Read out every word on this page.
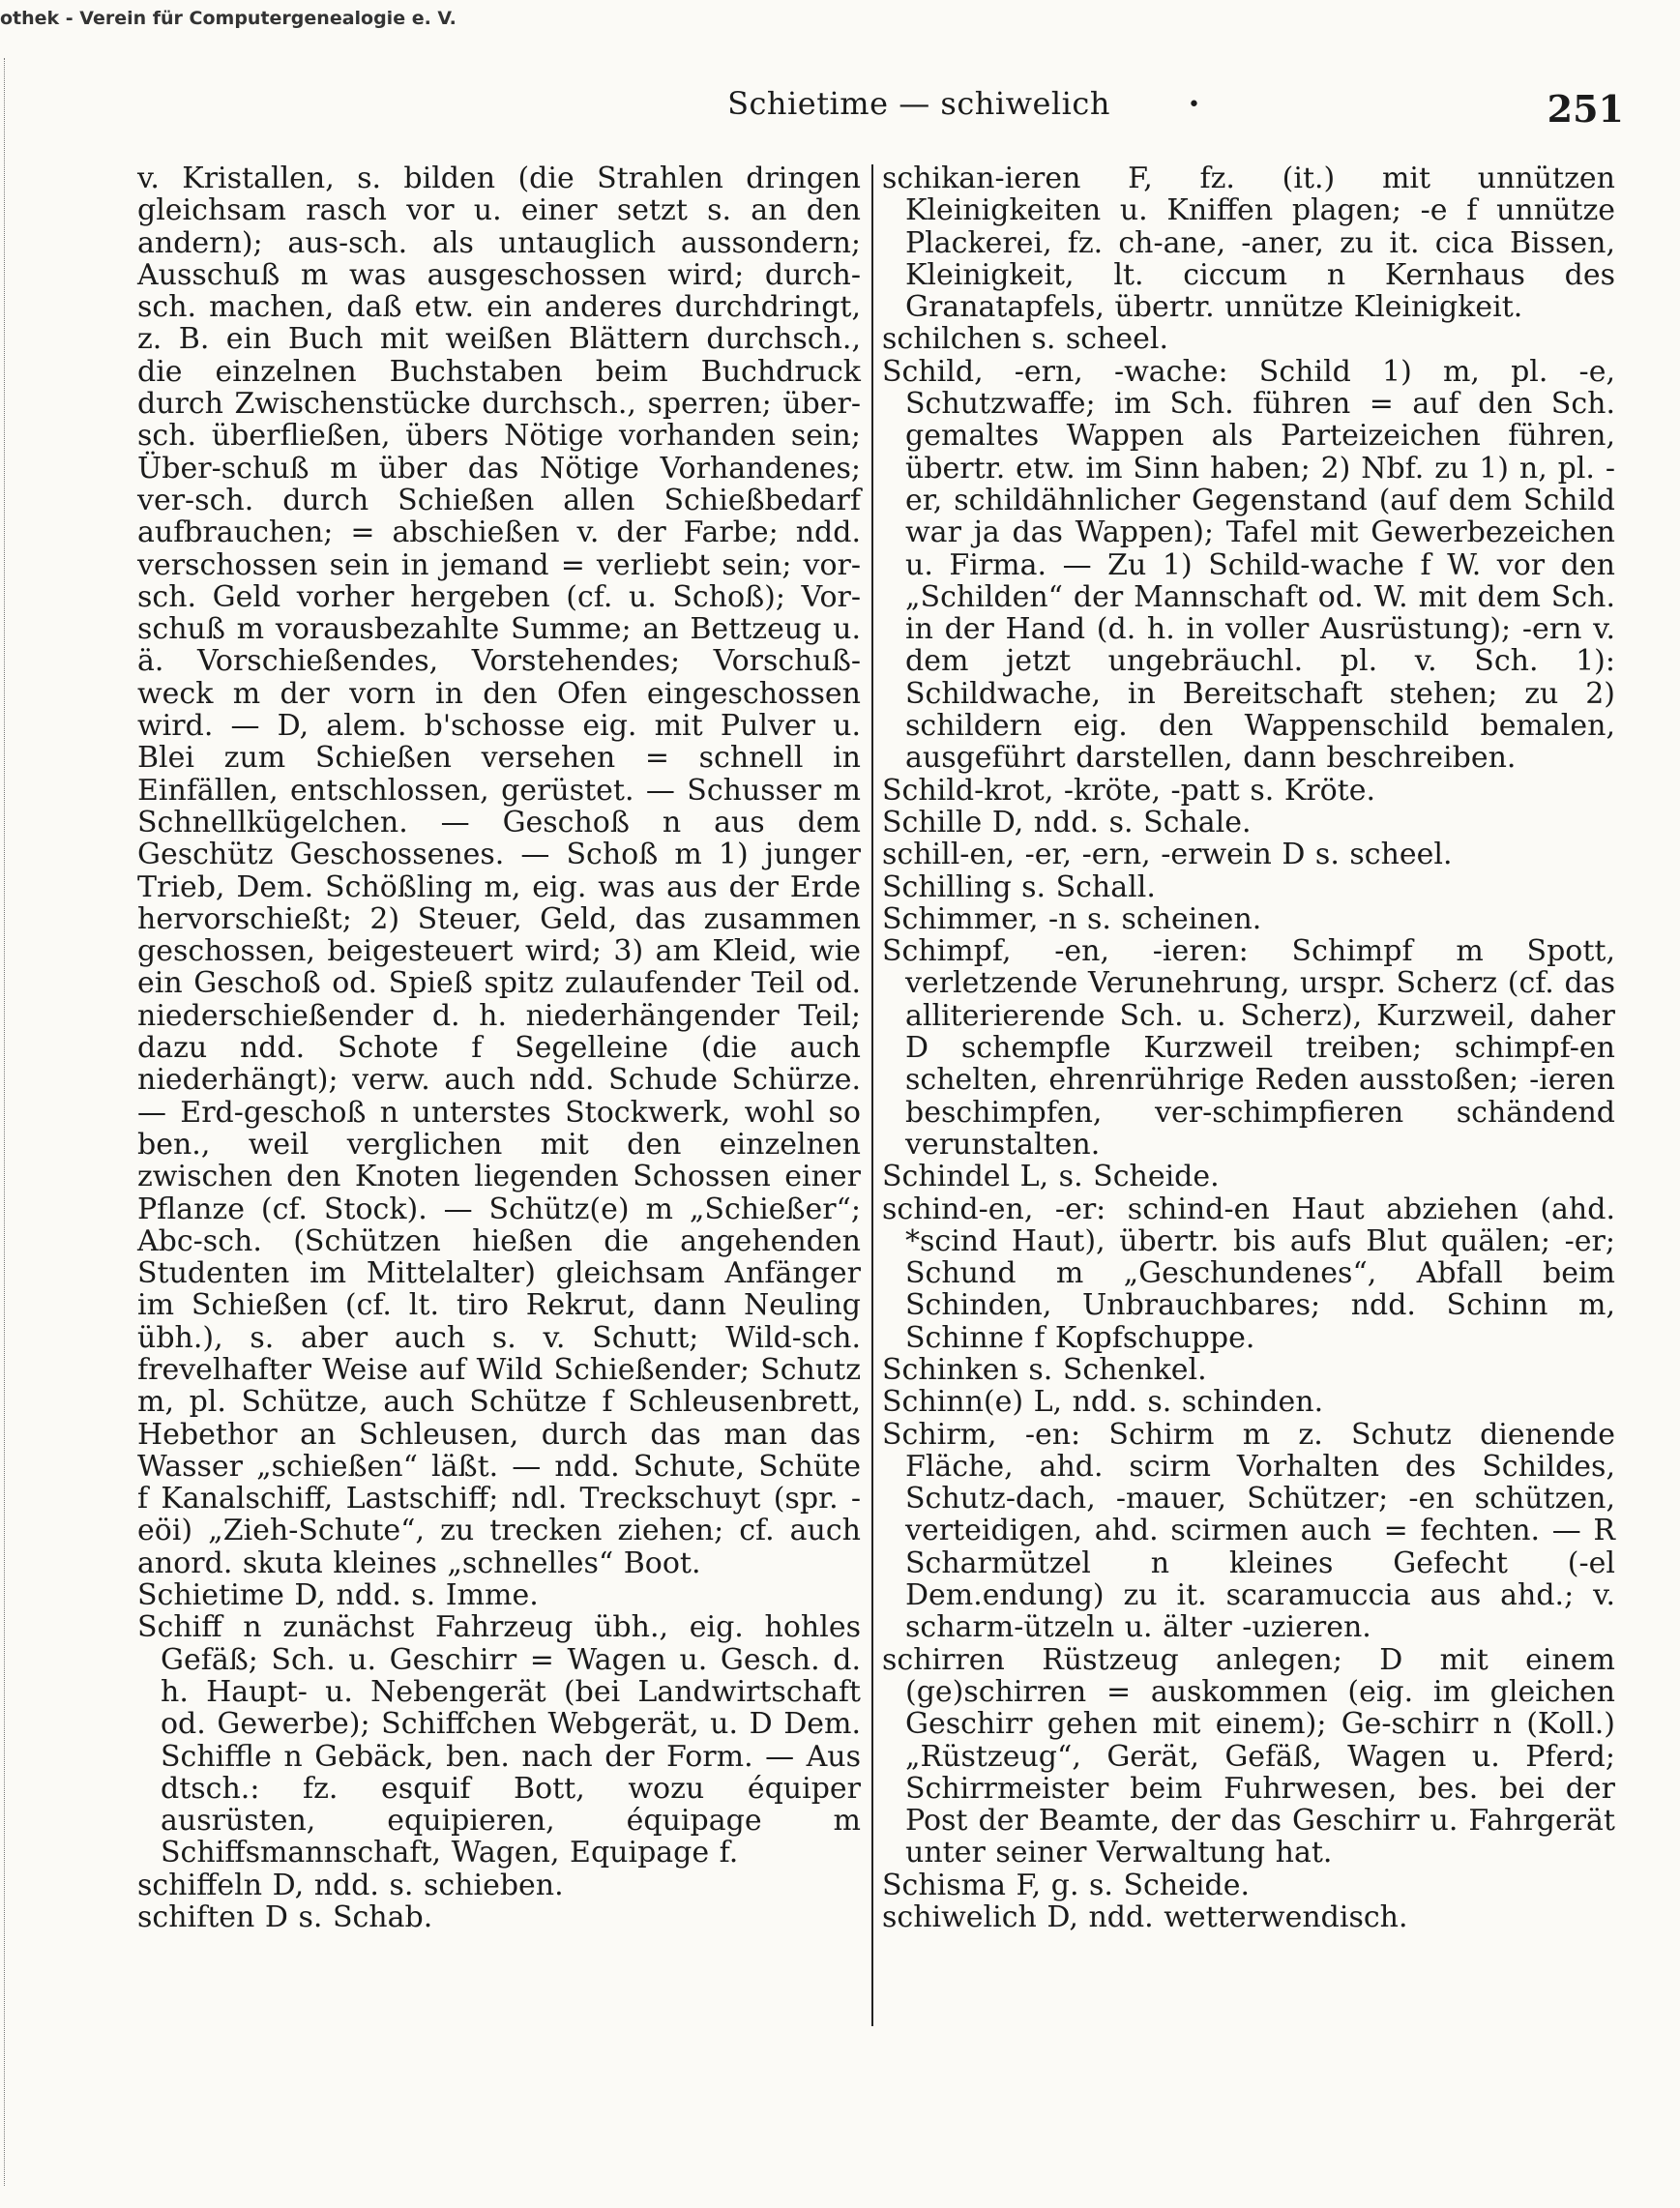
othek - Verein für Computergenealogie e. V.
Schietime — schiwelich	•	251

v. Kristallen, s. bilden (die Strahlen dringen gleichsam rasch vor u. einer setzt s. an den andern); aus-sch. als untauglich aussondern; Ausschuß m was ausgeschossen wird; durch-sch. machen, daß etw. ein anderes durchdringt, z. B. ein Buch mit weißen Blättern durchsch., die einzelnen Buchstaben beim Buchdruck durch Zwischenstücke durchsch., sperren; über-sch. überfließen, übers Nötige vorhanden sein; Über-schuß m über das Nötige Vorhandenes; ver-sch. durch Schießen allen Schießbedarf aufbrauchen; = abschießen v. der Farbe; ndd. verschossen sein in jemand = verliebt sein; vor-sch. Geld vorher hergeben (cf. u. Schoß); Vor-schuß m vorausbezahlte Summe; an Bettzeug u. ä. Vorschießendes, Vorstehendes; Vorschuß-weck m der vorn in den Ofen eingeschossen wird. — D, alem. b'schosse eig. mit Pulver u. Blei zum Schießen versehen = schnell in Einfällen, entschlossen, gerüstet. — Schusser m Schnellkügelchen. — Geschoß n aus dem Geschütz Geschossenes. — Schoß m 1) junger Trieb, Dem. Schößling m, eig. was aus der Erde hervorschießt; 2) Steuer, Geld, das zusammen geschossen, beigesteuert wird; 3) am Kleid, wie ein Geschoß od. Spieß spitz zulaufender Teil od. niederschießender d. h. niederhängender Teil; dazu ndd. Schote f Segelleine (die auch niederhängt); verw. auch ndd. Schude Schürze. — Erd-geschoß n unterstes Stockwerk, wohl so ben., weil verglichen mit den einzelnen zwischen den Knoten liegenden Schossen einer Pflanze (cf. Stock). — Schütz(e) m „Schießer“; Abc-sch. (Schützen hießen die angehenden Studenten im Mittelalter) gleichsam Anfänger im Schießen (cf. lt. tiro Rekrut, dann Neuling übh.), s. aber auch s. v. Schutt; Wild-sch. frevelhafter Weise auf Wild Schießender; Schutz m, pl. Schütze, auch Schütze f Schleusenbrett, Hebethor an Schleusen, durch das man das Wasser „schießen“ läßt. — ndd. Schute, Schüte f Kanalschiff, Lastschiff; ndl. Treckschuyt (spr. -eöi) „Zieh-Schute“, zu trecken ziehen; cf. auch anord. skuta kleines „schnelles“ Boot.

Schietime D, ndd. s. Imme.

Schiff n zunächst Fahrzeug übh., eig. hohles Gefäß; Sch. u. Geschirr = Wagen u. Gesch. d. h. Haupt- u. Nebengerät (bei Landwirtschaft od. Gewerbe); Schiffchen Webgerät, u. D Dem. Schiffle n Gebäck, ben. nach der Form. — Aus dtsch.: fz. esquif Bott, wozu équiper ausrüsten, equipieren, équipage m Schiffsmannschaft, Wagen, Equipage f.

schiffeln D, ndd. s. schieben.

schiften D s. Schab.

schikan-ieren F, fz. (it.) mit unnützen Kleinigkeiten u. Kniffen plagen; -e f unnütze Plackerei, fz. ch-ane, -aner, zu it. cica Bissen, Kleinigkeit, lt. ciccum n Kernhaus des Granatapfels, übertr. unnütze Kleinigkeit.

schilchen s. scheel.

Schild, -ern, -wache: Schild 1) m, pl. -e, Schutzwaffe; im Sch. führen = auf den Sch. gemaltes Wappen als Parteizeichen führen, übertr. etw. im Sinn haben; 2) Nbf. zu 1) n, pl. -er, schildähnlicher Gegenstand (auf dem Schild war ja das Wappen); Tafel mit Gewerbezeichen u. Firma. — Zu 1) Schild-wache f W. vor den „Schilden“ der Mannschaft od. W. mit dem Sch. in der Hand (d. h. in voller Ausrüstung); -ern v. dem jetzt ungebräuchl. pl. v. Sch. 1): Schildwache, in Bereitschaft stehen; zu 2) schildern eig. den Wappenschild bemalen, ausgeführt darstellen, dann beschreiben.

Schild-krot, -kröte, -patt s. Kröte.

Schille D, ndd. s. Schale.

schill-en, -er, -ern, -erwein D s. scheel.

Schilling s. Schall.

Schimmer, -n s. scheinen.

Schimpf, -en, -ieren: Schimpf m Spott, verletzende Verunehrung, urspr. Scherz (cf. das alliterierende Sch. u. Scherz), Kurzweil, daher D schempfle Kurzweil treiben; schimpf-en schelten, ehrenrührige Reden ausstoßen; -ieren beschimpfen, ver-schimpfieren schändend verunstalten.

Schindel L, s. Scheide.

schind-en, -er: schind-en Haut abziehen (ahd. *scind Haut), übertr. bis aufs Blut quälen; -er; Schund m „Geschundenes“, Abfall beim Schinden, Unbrauchbares; ndd. Schinn m, Schinne f Kopfschuppe.

Schinken s. Schenkel.

Schinn(e) L, ndd. s. schinden.

Schirm, -en: Schirm m z. Schutz dienende Fläche, ahd. scirm Vorhalten des Schildes, Schutz-dach, -mauer, Schützer; -en schützen, verteidigen, ahd. scirmen auch = fechten. — R Scharmützel n kleines Gefecht (-el Dem.endung) zu it. scaramuccia aus ahd.; v. scharm-ützeln u. älter -uzieren.

schirren Rüstzeug anlegen; D mit einem (ge)schirren = auskommen (eig. im gleichen Geschirr gehen mit einem); Ge-schirr n (Koll.) „Rüstzeug“, Gerät, Gefäß, Wagen u. Pferd; Schirrmeister beim Fuhrwesen, bes. bei der Post der Beamte, der das Geschirr u. Fahrgerät unter seiner Verwaltung hat.

Schisma F, g. s. Scheide.

schiwelich D, ndd. wetterwendisch.
